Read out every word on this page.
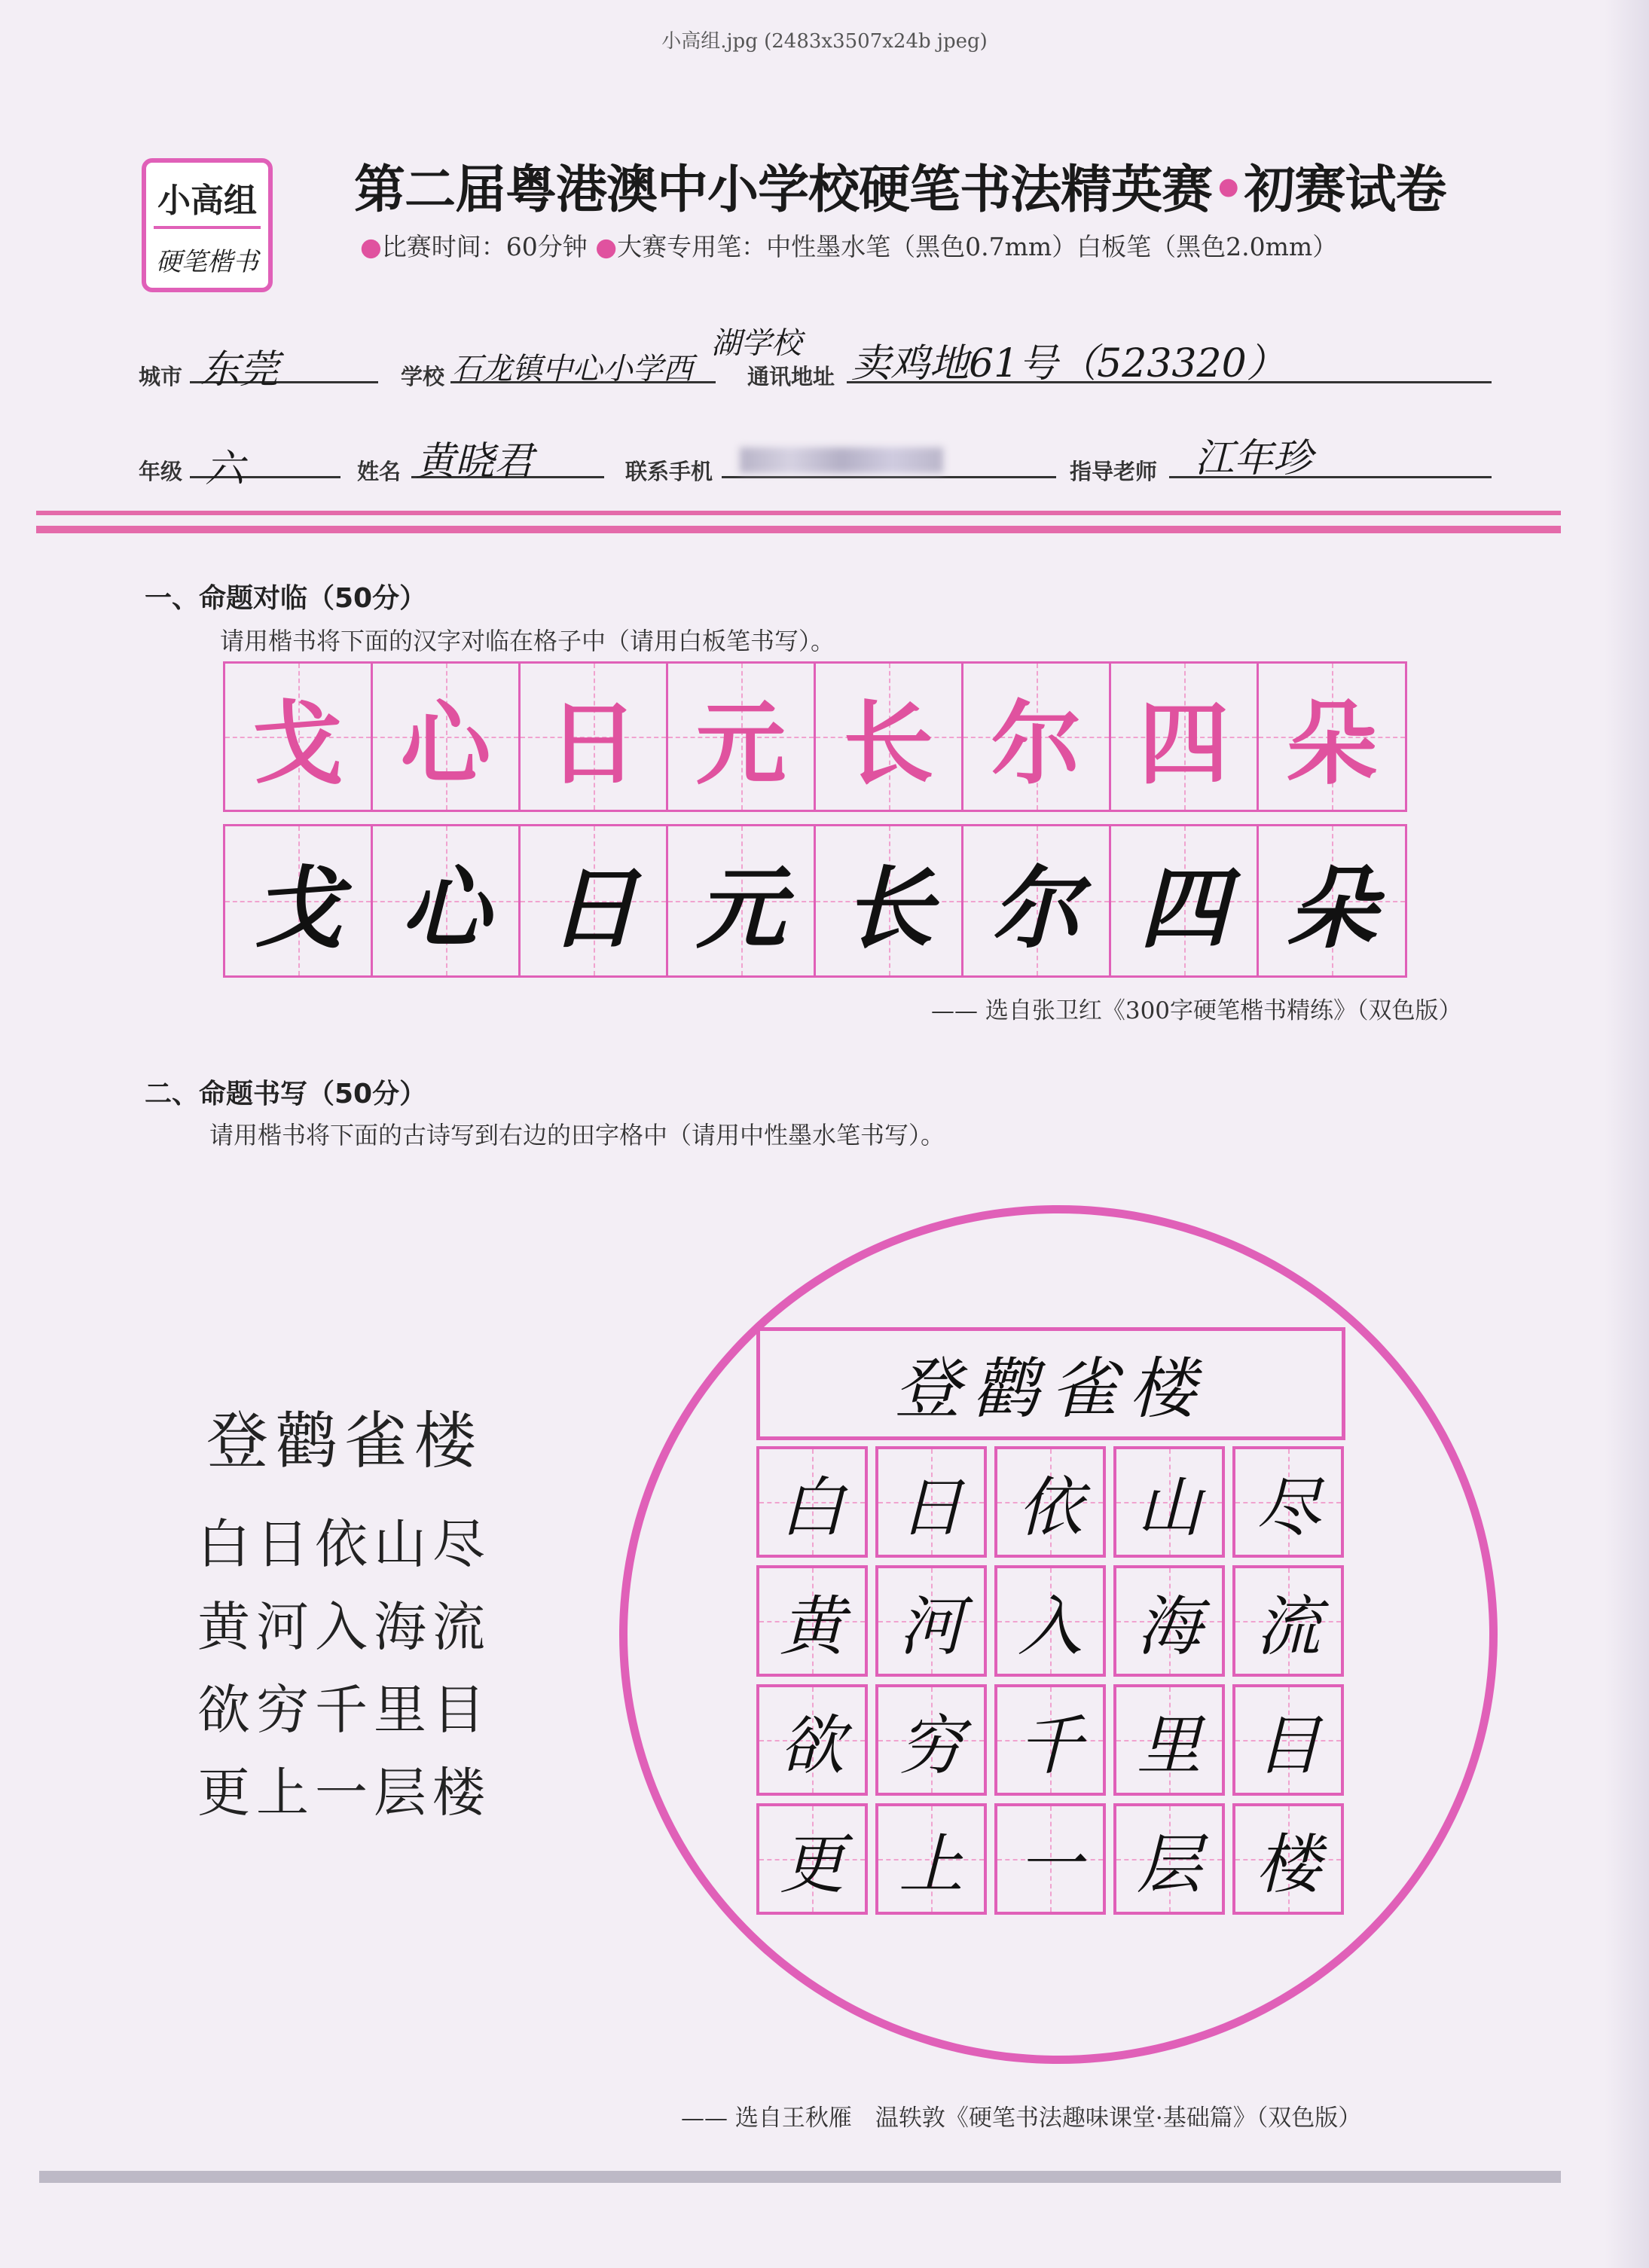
小高组.jpg (2483x3507x24b jpeg)
小高组
硬笔楷书
第二届粤港澳中小学校硬笔书法精英赛•初赛试卷
●比赛时间：60分钟 ●大赛专用笔：中性墨水笔（黑色0.7mm）白板笔（黑色2.0mm）
城市 东莞	学校 石龙镇中心小学西
湖学校
通讯地址 卖鸡地61号（523320）
年级 六	姓名 黄晓君	联系手机	指导老师 江年珍
一、命题对临（50分）
请用楷书将下面的汉字对临在格子中（请用白板笔书写）。
戈 心 日 元 长 尔 四 朵
戈 心 日 元 长 尔 四 朵
—— 选自张卫红《300字硬笔楷书精练》（双色版）
二、命题书写（50分）
请用楷书将下面的古诗写到右边的田字格中（请用中性墨水笔书写）。
登鹳雀楼
白日依山尽
黄河入海流
欲穷千里目
更上一层楼
登鹳雀楼
白 日 依 山 尽
黄 河 入 海 流
欲 穷 千 里 目
更 上 一 层 楼
—— 选自王秋雁　温轶敦《硬笔书法趣味课堂·基础篇》（双色版）
